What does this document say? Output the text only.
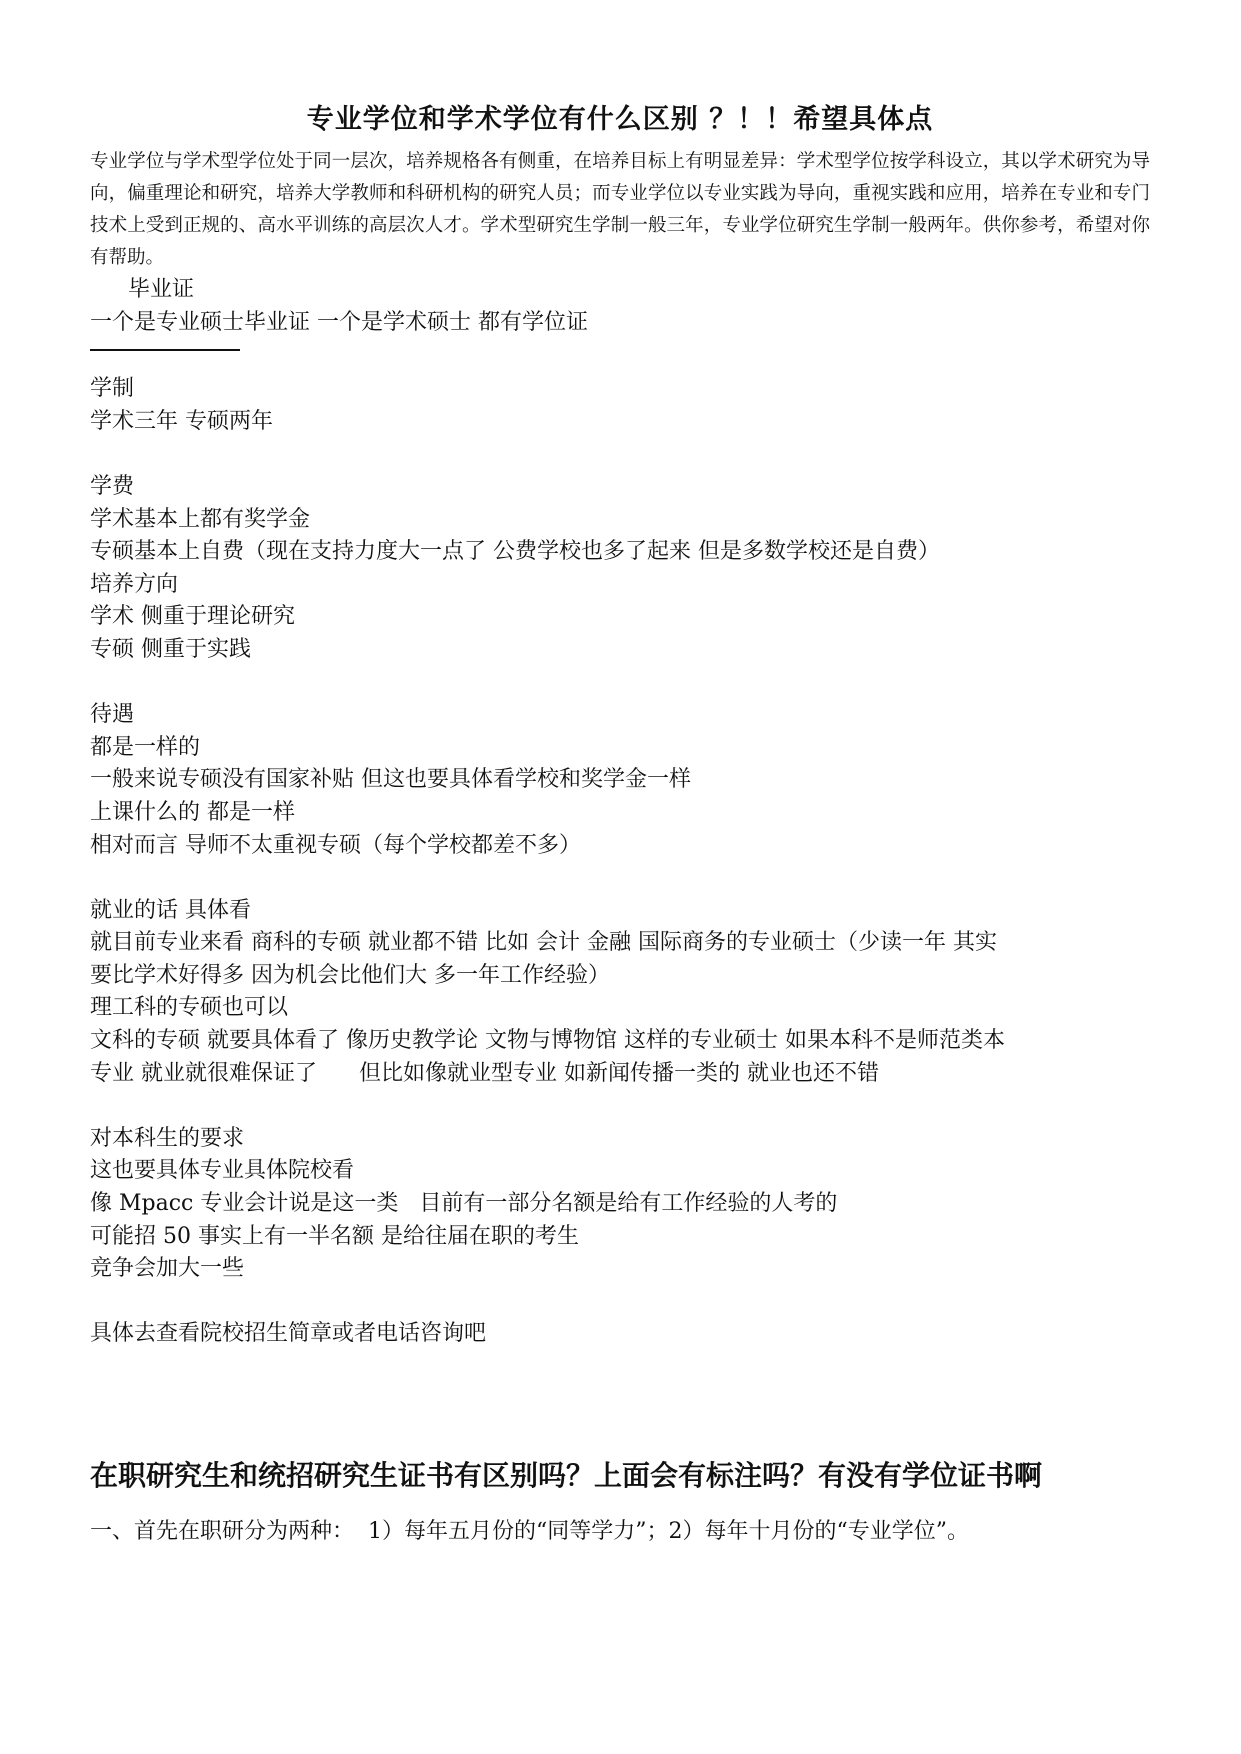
专业学位和学术学位有什么区别 ？！！希望具体点

专业学位与学术型学位处于同一层次，培养规格各有侧重，在培养目标上有明显差异：学术型学位按学科设立，其以学术研究为导向，偏重理论和研究，培养大学教师和科研机构的研究人员；而专业学位以专业实践为导向，重视实践和应用，培养在专业和专门技术上受到正规的、高水平训练的高层次人才。学术型研究生学制一般三年，专业学位研究生学制一般两年。供你参考，希望对你有帮助。

毕业证

一个是专业硕士毕业证 一个是学术硕士 都有学位证

学制

学术三年 专硕两年

学费

学术基本上都有奖学金

专硕基本上自费（现在支持力度大一点了 公费学校也多了起来 但是多数学校还是自费）

培养方向

学术 侧重于理论研究

专硕 侧重于实践

待遇

都是一样的

一般来说专硕没有国家补贴 但这也要具体看学校和奖学金一样

上课什么的 都是一样

相对而言 导师不太重视专硕（每个学校都差不多）

就业的话 具体看

就目前专业来看 商科的专硕 就业都不错 比如 会计 金融 国际商务的专业硕士（少读一年 其实

要比学术好得多 因为机会比他们大 多一年工作经验）

理工科的专硕也可以

文科的专硕 就要具体看了 像历史教学论 文物与博物馆 这样的专业硕士 如果本科不是师范类本

专业 就业就很难保证了      但比如像就业型专业 如新闻传播一类的 就业也还不错

对本科生的要求

这也要具体专业具体院校看

像 Mpacc 专业会计说是这一类   目前有一部分名额是给有工作经验的人考的

可能招 50 事实上有一半名额 是给往届在职的考生

竞争会加大一些

具体去查看院校招生简章或者电话咨询吧

在职研究生和统招研究生证书有区别吗？上面会有标注吗？有没有学位证书啊

一、首先在职研分为两种：  1）每年五月份的“同等学力”；2）每年十月份的“专业学位”。
